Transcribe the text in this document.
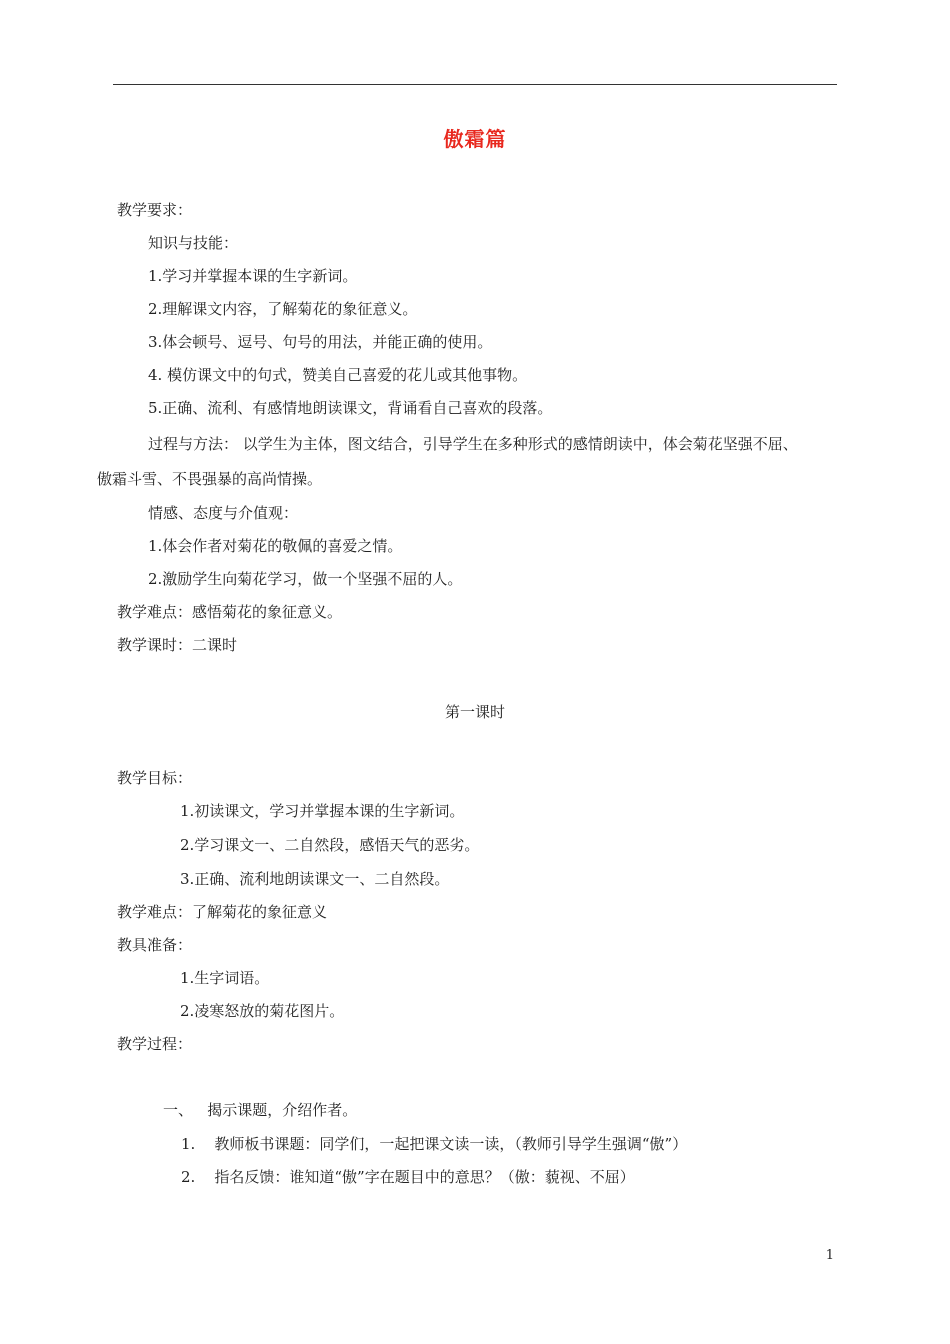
傲霜篇
教学要求：
知识与技能：
1.学习并掌握本课的生字新词。
2.理解课文内容，了解菊花的象征意义。
3.体会顿号、逗号、句号的用法，并能正确的使用。
4. 模仿课文中的句式，赞美自己喜爱的花儿或其他事物。
5.正确、流利、有感情地朗读课文，背诵看自己喜欢的段落。
过程与方法： 以学生为主体，图文结合，引导学生在多种形式的感情朗读中，体会菊花坚强不屈、
傲霜斗雪、不畏强暴的高尚情操。
情感、态度与介值观：
1.体会作者对菊花的敬佩的喜爱之情。
2.激励学生向菊花学习，做一个坚强不屈的人。
教学难点：感悟菊花的象征意义。
教学课时：二课时
第一课时
教学目标：
1.初读课文，学习并掌握本课的生字新词。
2.学习课文一、二自然段，感悟天气的恶劣。
3.正确、流利地朗读课文一、二自然段。
教学难点：了解菊花的象征意义
教具准备：
1.生字词语。
2.凌寒怒放的菊花图片。
教学过程：
一、   揭示课题，介绍作者。
1.    教师板书课题：同学们，一起把课文读一读，（教师引导学生强调“傲”）
2.    指名反馈：谁知道“傲”字在题目中的意思？（傲：藐视、不屈）
1
